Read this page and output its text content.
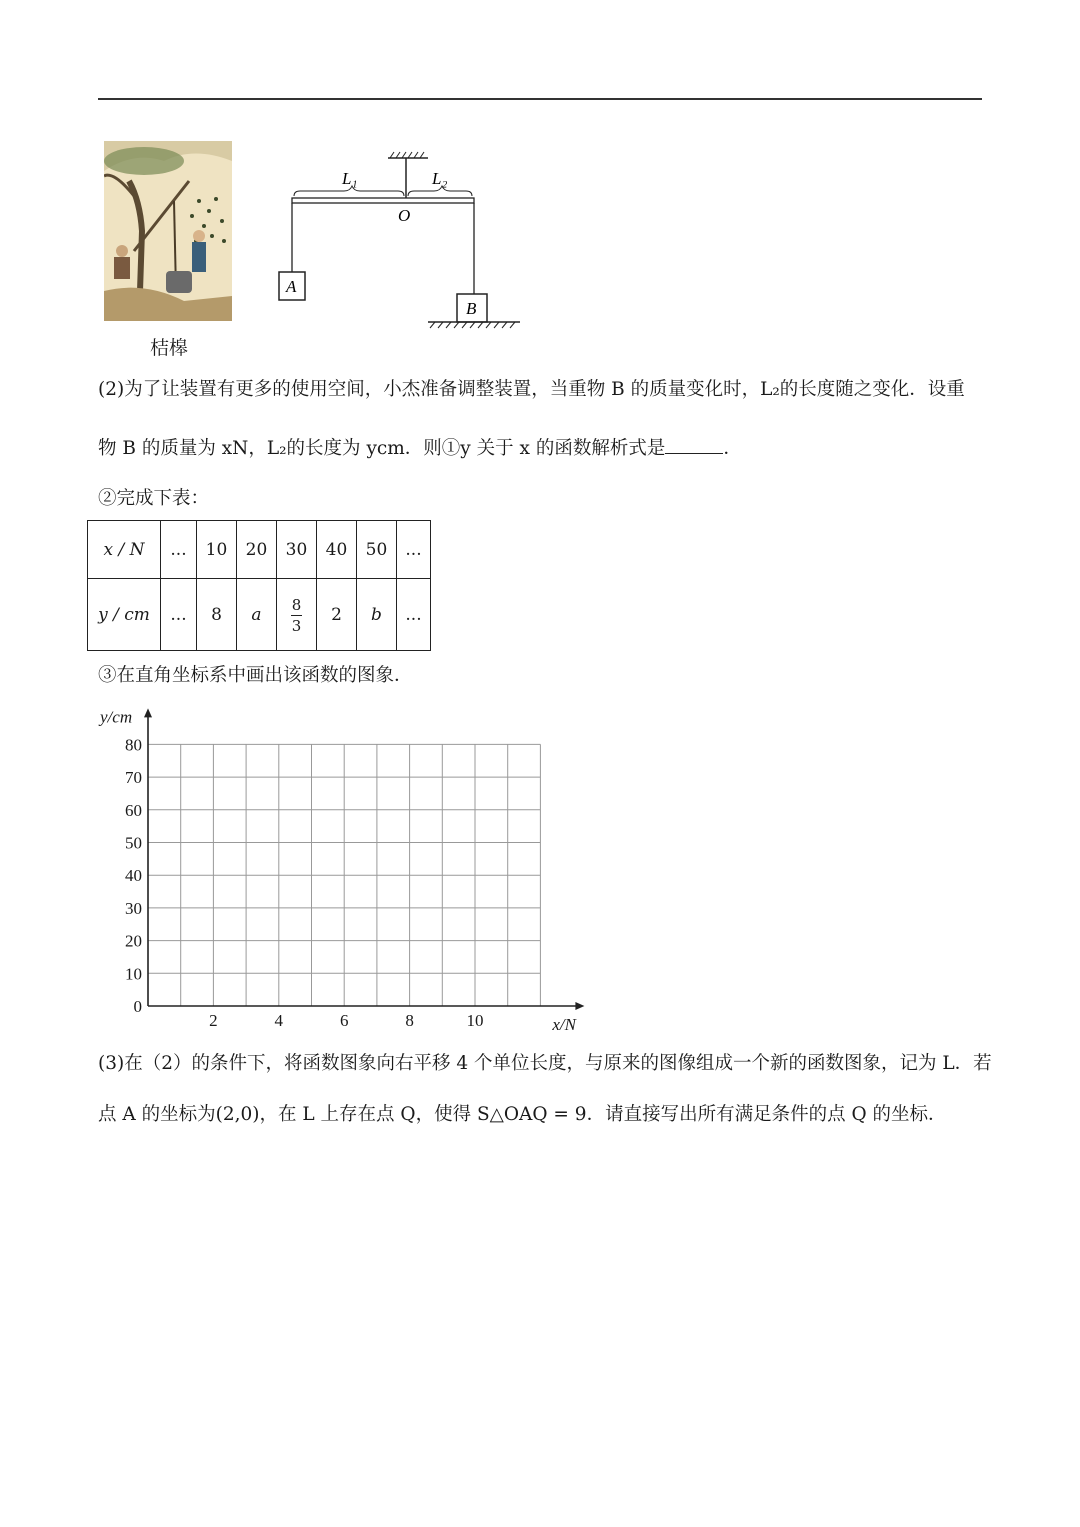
桔槔
L₁	L₂
O
A
B
(2)为了让装置有更多的使用空间，小杰准备调整装置，当重物 B 的质量变化时，L₂的长度随之变化．设重
物 B 的质量为 xN，L₂的长度为 ycm．则①y 关于 x 的函数解析式是	．
②完成下表：
x / N	...	10	20	30	40	50	...
y / cm	...	8	a	$\frac{8}{3}$	2	b	...
③在直角坐标系中画出该函数的图象．
0
10
20
30
40
50
60
70
80
2	4	6	8	10
y/cm
x/N
(3)在（2）的条件下，将函数图象向右平移 4 个单位长度，与原来的图像组成一个新的函数图象，记为 L．若
点 A 的坐标为(2,0)，在 L 上存在点 Q，使得 S△OAQ = 9．请直接写出所有满足条件的点 Q 的坐标．
